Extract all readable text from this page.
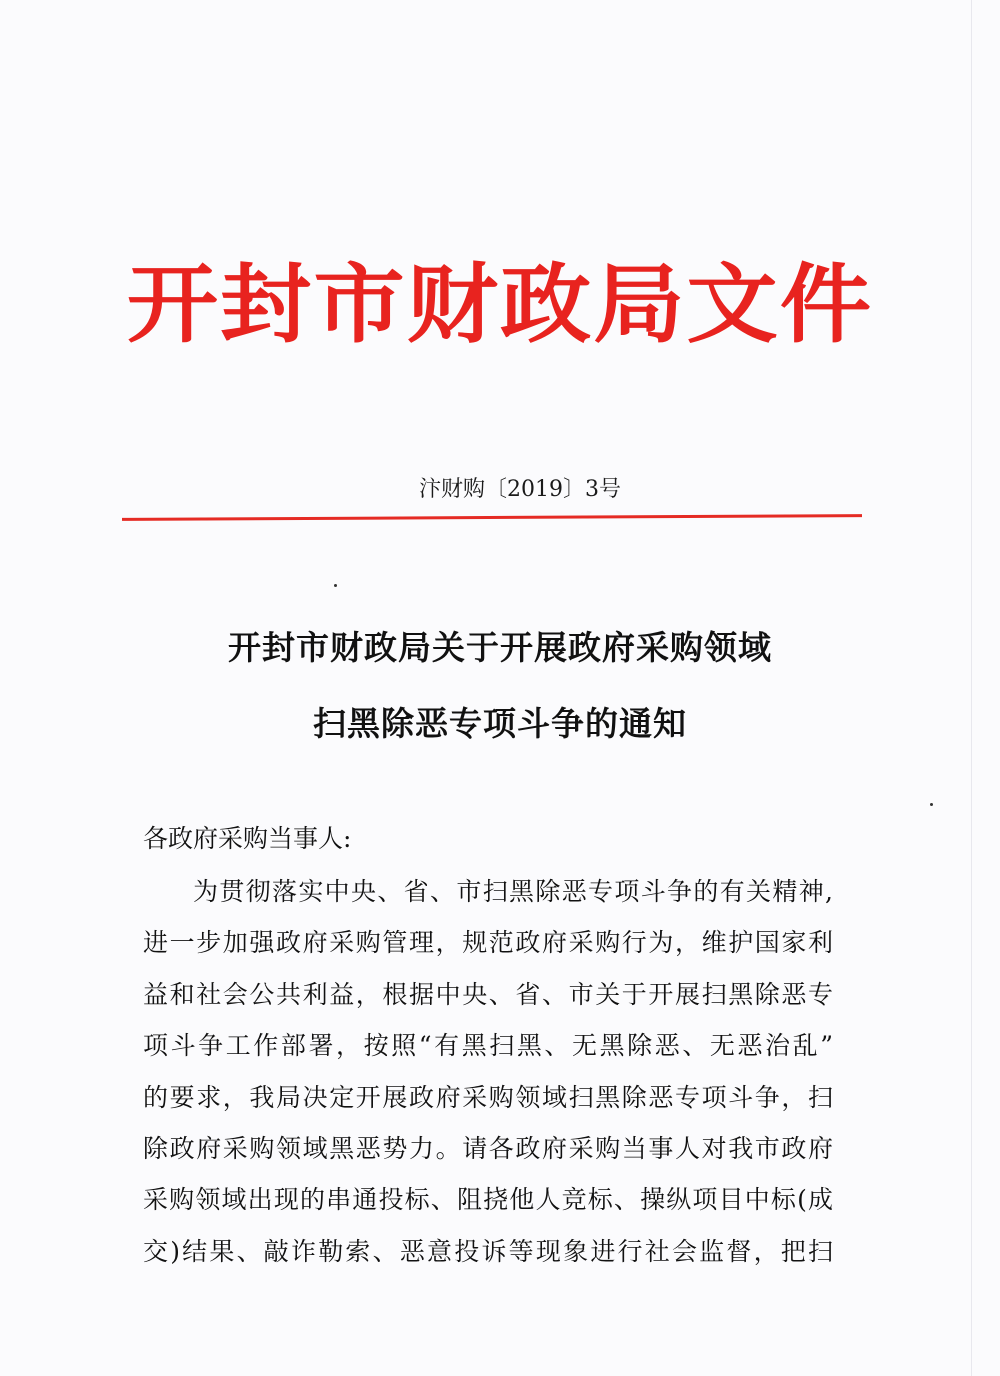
开封市财政局文件
汴财购〔2019〕3号
开封市财政局关于开展政府采购领域
扫黑除恶专项斗争的通知
各政府采购当事人:
为贯彻落实中央、省、市扫黑除恶专项斗争的有关精神,
进一步加强政府采购管理，规范政府采购行为，维护国家利
益和社会公共利益，根据中央、省、市关于开展扫黑除恶专
项斗争工作部署，按照“有黑扫黑、无黑除恶、无恶治乱”
的要求，我局决定开展政府采购领域扫黑除恶专项斗争，扫
除政府采购领域黑恶势力。请各政府采购当事人对我市政府
采购领域出现的串通投标、阻挠他人竞标、操纵项目中标(成
交)结果、敲诈勒索、恶意投诉等现象进行社会监督，把扫
